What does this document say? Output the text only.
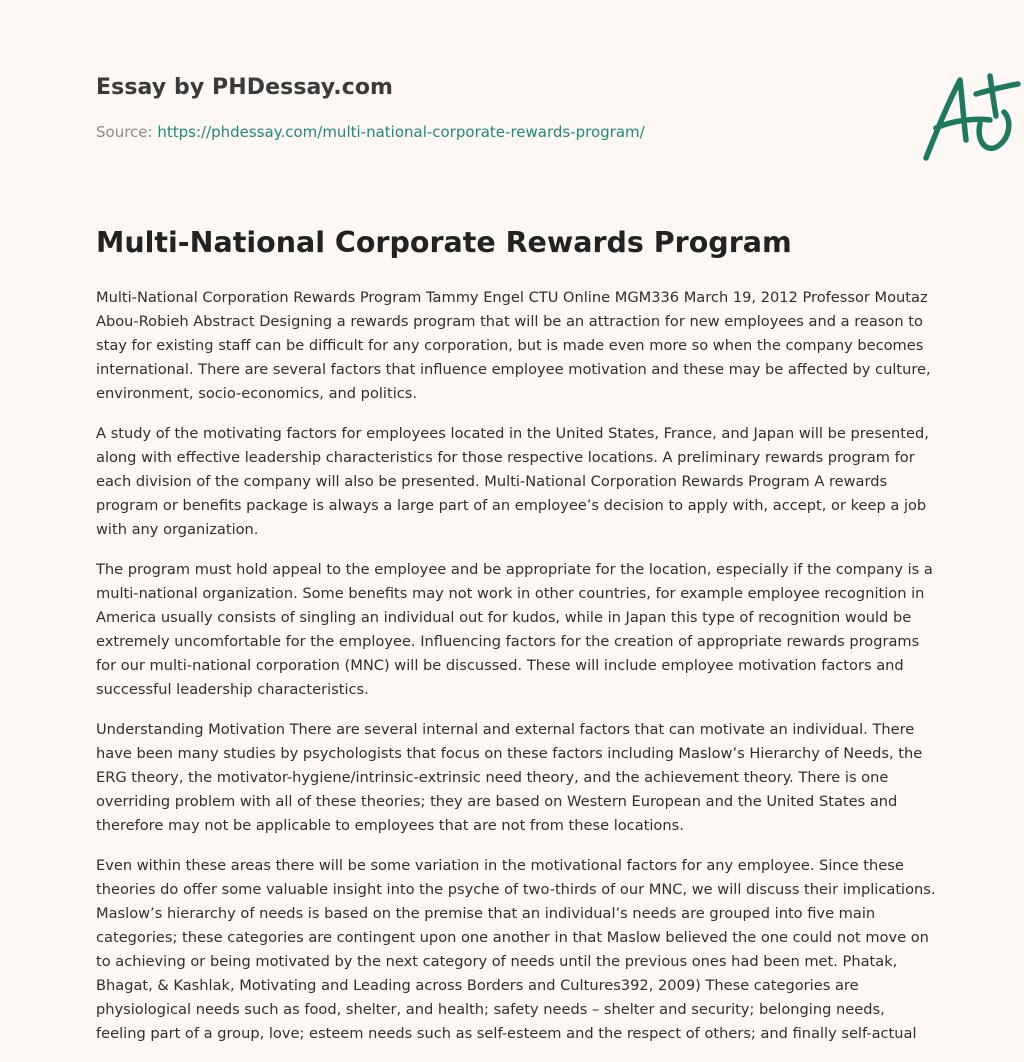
Essay by PHDessay.com
Source: https://phdessay.com/multi-national-corporate-rewards-program/
Multi-National Corporate Rewards Program

Multi-National Corporation Rewards Program Tammy Engel CTU Online MGM336 March 19, 2012 Professor Moutaz Abou-Robieh Abstract Designing a rewards program that will be an attraction for new employees and a reason to stay for existing staff can be difficult for any corporation, but is made even more so when the company becomes international. There are several factors that influence employee motivation and these may be affected by culture, environment, socio-economics, and politics.

A study of the motivating factors for employees located in the United States, France, and Japan will be presented, along with effective leadership characteristics for those respective locations. A preliminary rewards program for each division of the company will also be presented. Multi-National Corporation Rewards Program A rewards program or benefits package is always a large part of an employee’s decision to apply with, accept, or keep a job with any organization.

The program must hold appeal to the employee and be appropriate for the location, especially if the company is a multi-national organization. Some benefits may not work in other countries, for example employee recognition in America usually consists of singling an individual out for kudos, while in Japan this type of recognition would be extremely uncomfortable for the employee. Influencing factors for the creation of appropriate rewards programs for our multi-national corporation (MNC) will be discussed. These will include employee motivation factors and successful leadership characteristics.

Understanding Motivation There are several internal and external factors that can motivate an individual. There have been many studies by psychologists that focus on these factors including Maslow’s Hierarchy of Needs, the ERG theory, the motivator-hygiene/intrinsic-extrinsic need theory, and the achievement theory. There is one overriding problem with all of these theories; they are based on Western European and the United States and therefore may not be applicable to employees that are not from these locations.

Even within these areas there will be some variation in the motivational factors for any employee. Since these theories do offer some valuable insight into the psyche of two-thirds of our MNC, we will discuss their implications. Maslow’s hierarchy of needs is based on the premise that an individual’s needs are grouped into five main categories; these categories are contingent upon one another in that Maslow believed the one could not move on to achieving or being motivated by the next category of needs until the previous ones had been met. Phatak, Bhagat, & Kashlak, Motivating and Leading across Borders and Cultures392, 2009) These categories are physiological needs such as food, shelter, and health; safety needs – shelter and security; belonging needs, feeling part of a group, love; esteem needs such as self-esteem and the respect of others; and finally self-actual
